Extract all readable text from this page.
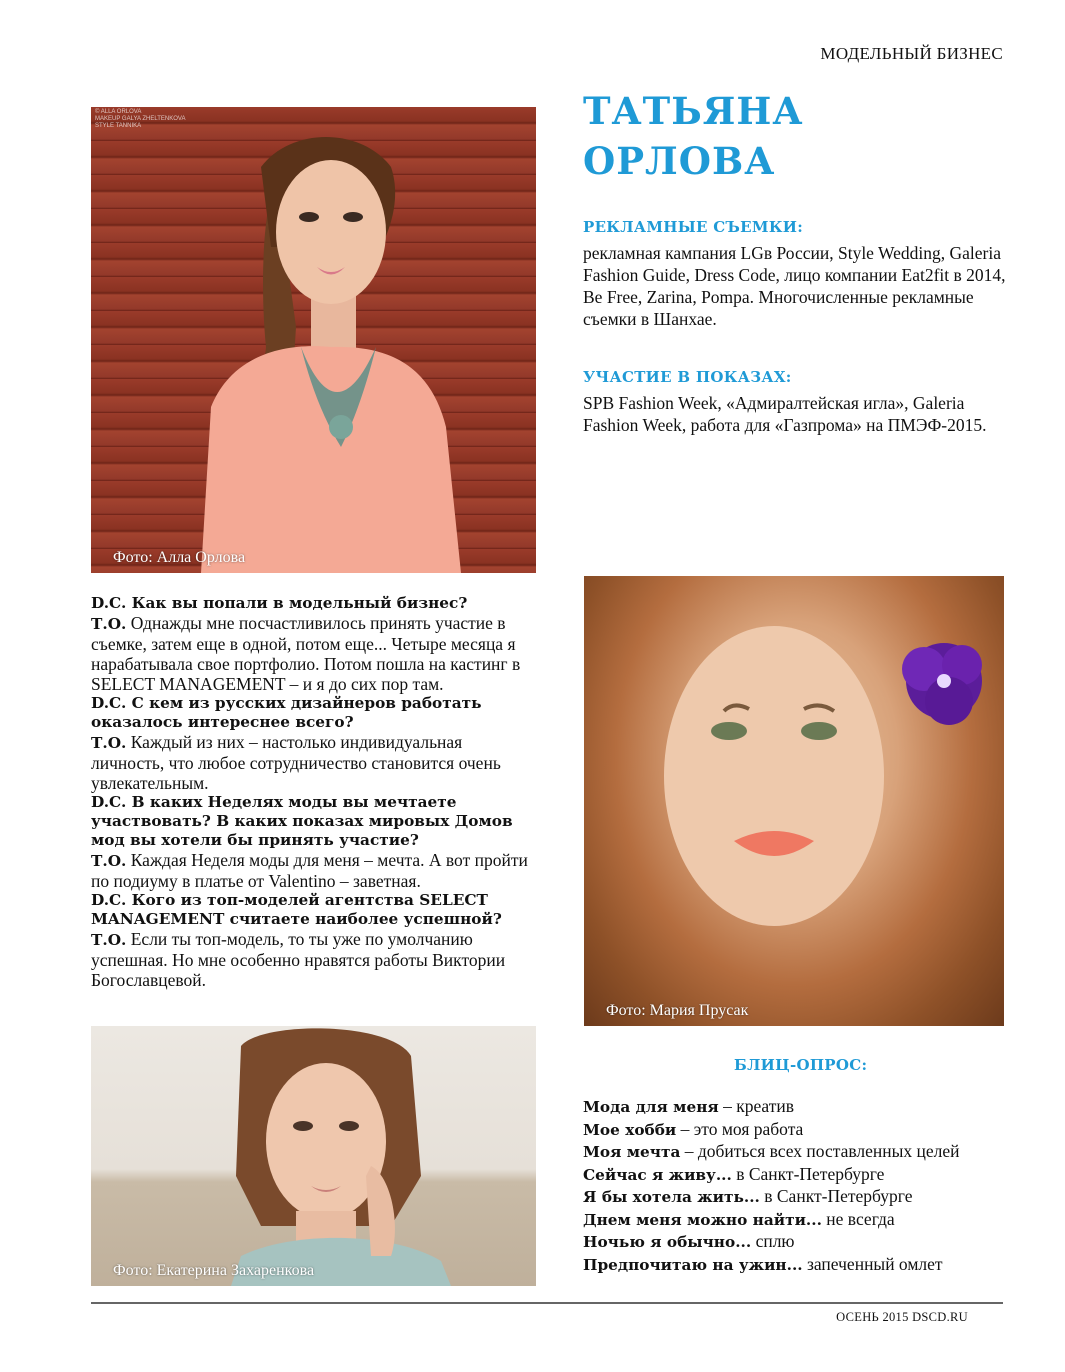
МОДЕЛЬНЫЙ БИЗНЕС
ТАТЬЯНА
ОРЛОВА
РЕКЛАМНЫЕ СЪЕМКИ:
рекламная кампания LGв России, Style Wedding, Galeria Fashion Guide, Dress Code, лицо компании Eat2fit в 2014, Be Free, Zarina, Pompa. Многочисленные рекламные съемки в Шанхае.
УЧАСТИЕ В ПОКАЗАХ:
SPB Fashion Week, «Адмиралтейская игла», Galeria Fashion Week, работа для «Газпрома» на ПМЭФ-2015.
© ALLA ORLOVA
MAKEUP GALYA ZHELTENKOVA
STYLE TANNIKA
Фото: Алла Орлова

D.C. Как вы попали в модельный бизнес?

Т.О. Однажды мне посчастливилось принять участие в съемке, затем еще в одной, потом еще... Четыре месяца я нарабатывала свое портфолио. Потом пошла на кастинг в SELECT MANAGEMENT – и я до сих пор там.

D.C. С кем из русских дизайнеров работать оказалось интереснее всего?

Т.О. Каждый из них – настолько индивидуальная личность, что любое сотрудничество становится очень увлекательным.

D.C. В каких Неделях моды вы мечтаете участвовать? В каких показах мировых Домов мод вы хотели бы принять участие?

Т.О. Каждая Неделя моды для меня – мечта. А вот пройти по подиуму в платье от Valentino – заветная.

D.C. Кого из топ-моделей агентства SELECT MANAGEMENT считаете наиболее успешной?

Т.О. Если ты топ-модель, то ты уже по умолчанию успешная. Но мне особенно нравятся работы Виктории Богославцевой.

Фото: Мария Прусак
Фото: Екатерина Захаренкова
БЛИЦ-ОПРОС:
Мода для меня – креатив
Мое хобби – это моя работа
Моя мечта – добиться всех поставленных целей
Сейчас я живу... в Санкт-Петербурге
Я бы хотела жить... в Санкт-Петербурге
Днем меня можно найти... не всегда
Ночью я обычно... сплю
Предпочитаю на ужин... запеченный омлет
ОСЕНЬ 2015 DSCD.RU
